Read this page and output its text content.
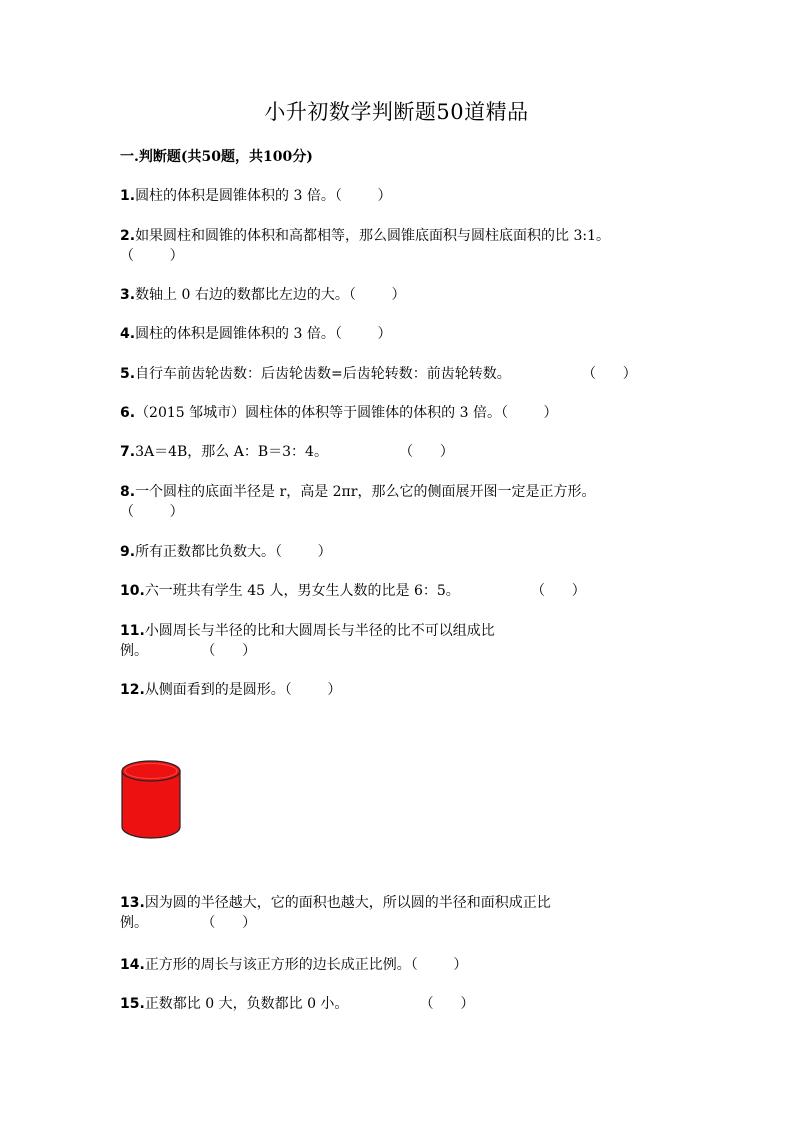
小升初数学判断题50道精品
一.判断题(共50题，共100分)
1.圆柱的体积是圆锥体积的 3 倍。（        ）
2.如果圆柱和圆锥的体积和高都相等，那么圆锥底面积与圆柱底面积的比 3:1。
（        ）
3.数轴上 0 右边的数都比左边的大。（        ）
4.圆柱的体积是圆锥体积的 3 倍。（        ）
5.自行车前齿轮齿数：后齿轮齿数=后齿轮转数：前齿轮转数。                （      ）
6.（2015 邹城市）圆柱体的体积等于圆锥体的体积的 3 倍。（        ）
7.3A＝4B，那么 A：B＝3：4。                （      ）
8.一个圆柱的底面半径是 r，高是 2πr，那么它的侧面展开图一定是正方形。
（        ）
9.所有正数都比负数大。（        ）
10.六一班共有学生 45 人，男女生人数的比是 6：5。                （      ）
11.小圆周长与半径的比和大圆周长与半径的比不可以组成比
例。            （      ）
12.从侧面看到的是圆形。（        ）
13.因为圆的半径越大，它的面积也越大，所以圆的半径和面积成正比
例。            （      ）
14.正方形的周长与该正方形的边长成正比例。（        ）
15.正数都比 0 大，负数都比 0 小。                （      ）
